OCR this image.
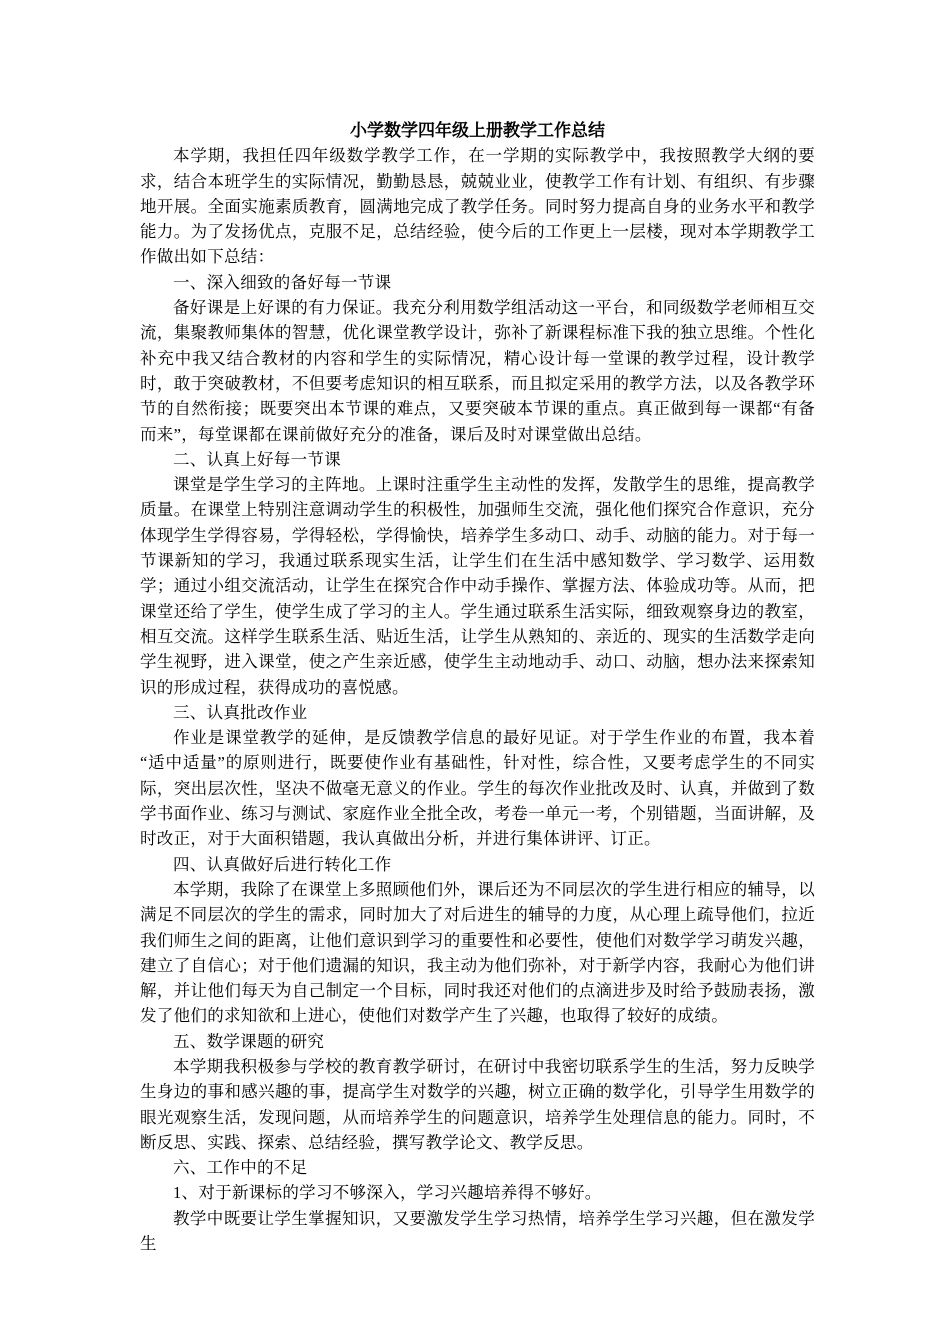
小学数学四年级上册教学工作总结

本学期，我担任四年级数学教学工作，在一学期的实际教学中，我按照教学大纲的要求，结合本班学生的实际情况，勤勤恳恳，兢兢业业，使教学工作有计划、有组织、有步骤地开展。全面实施素质教育，圆满地完成了教学任务。同时努力提高自身的业务水平和教学能力。为了发扬优点，克服不足，总结经验，使今后的工作更上一层楼，现对本学期教学工作做出如下总结：

一、深入细致的备好每一节课

备好课是上好课的有力保证。我充分利用数学组活动这一平台，和同级数学老师相互交流，集聚教师集体的智慧，优化课堂教学设计，弥补了新课程标准下我的独立思维。个性化补充中我又结合教材的内容和学生的实际情况，精心设计每一堂课的教学过程，设计教学时，敢于突破教材，不但要考虑知识的相互联系，而且拟定采用的教学方法，以及各教学环节的自然衔接；既要突出本节课的难点，又要突破本节课的重点。真正做到每一课都“有备而来”，每堂课都在课前做好充分的准备，课后及时对课堂做出总结。

二、认真上好每一节课

课堂是学生学习的主阵地。上课时注重学生主动性的发挥，发散学生的思维，提高教学质量。在课堂上特别注意调动学生的积极性，加强师生交流，强化他们探究合作意识，充分体现学生学得容易，学得轻松，学得愉快，培养学生多动口、动手、动脑的能力。对于每一节课新知的学习，我通过联系现实生活，让学生们在生活中感知数学、学习数学、运用数学；通过小组交流活动，让学生在探究合作中动手操作、掌握方法、体验成功等。从而，把课堂还给了学生，使学生成了学习的主人。学生通过联系生活实际，细致观察身边的教室，相互交流。这样学生联系生活、贴近生活，让学生从熟知的、亲近的、现实的生活数学走向学生视野，进入课堂，使之产生亲近感，使学生主动地动手、动口、动脑，想办法来探索知识的形成过程，获得成功的喜悦感。

三、认真批改作业

作业是课堂教学的延伸，是反馈教学信息的最好见证。对于学生作业的布置，我本着“适中适量”的原则进行，既要使作业有基础性，针对性，综合性，又要考虑学生的不同实际，突出层次性，坚决不做毫无意义的作业。学生的每次作业批改及时、认真，并做到了数学书面作业、练习与测试、家庭作业全批全改，考卷一单元一考，个别错题，当面讲解，及时改正，对于大面积错题，我认真做出分析，并进行集体讲评、订正。

四、认真做好后进行转化工作

本学期，我除了在课堂上多照顾他们外，课后还为不同层次的学生进行相应的辅导，以满足不同层次的学生的需求，同时加大了对后进生的辅导的力度，从心理上疏导他们，拉近我们师生之间的距离，让他们意识到学习的重要性和必要性，使他们对数学学习萌发兴趣，建立了自信心；对于他们遗漏的知识，我主动为他们弥补，对于新学内容，我耐心为他们讲解，并让他们每天为自己制定一个目标，同时我还对他们的点滴进步及时给予鼓励表扬，激发了他们的求知欲和上进心，使他们对数学产生了兴趣，也取得了较好的成绩。

五、数学课题的研究

本学期我积极参与学校的教育教学研讨，在研讨中我密切联系学生的生活，努力反映学生身边的事和感兴趣的事，提高学生对数学的兴趣，树立正确的数学化，引导学生用数学的眼光观察生活，发现问题，从而培养学生的问题意识，培养学生处理信息的能力。同时，不断反思、实践、探索、总结经验，撰写教学论文、教学反思。

六、工作中的不足

1、对于新课标的学习不够深入，学习兴趣培养得不够好。

教学中既要让学生掌握知识，又要激发学生学习热情，培养学生学习兴趣，但在激发学生
